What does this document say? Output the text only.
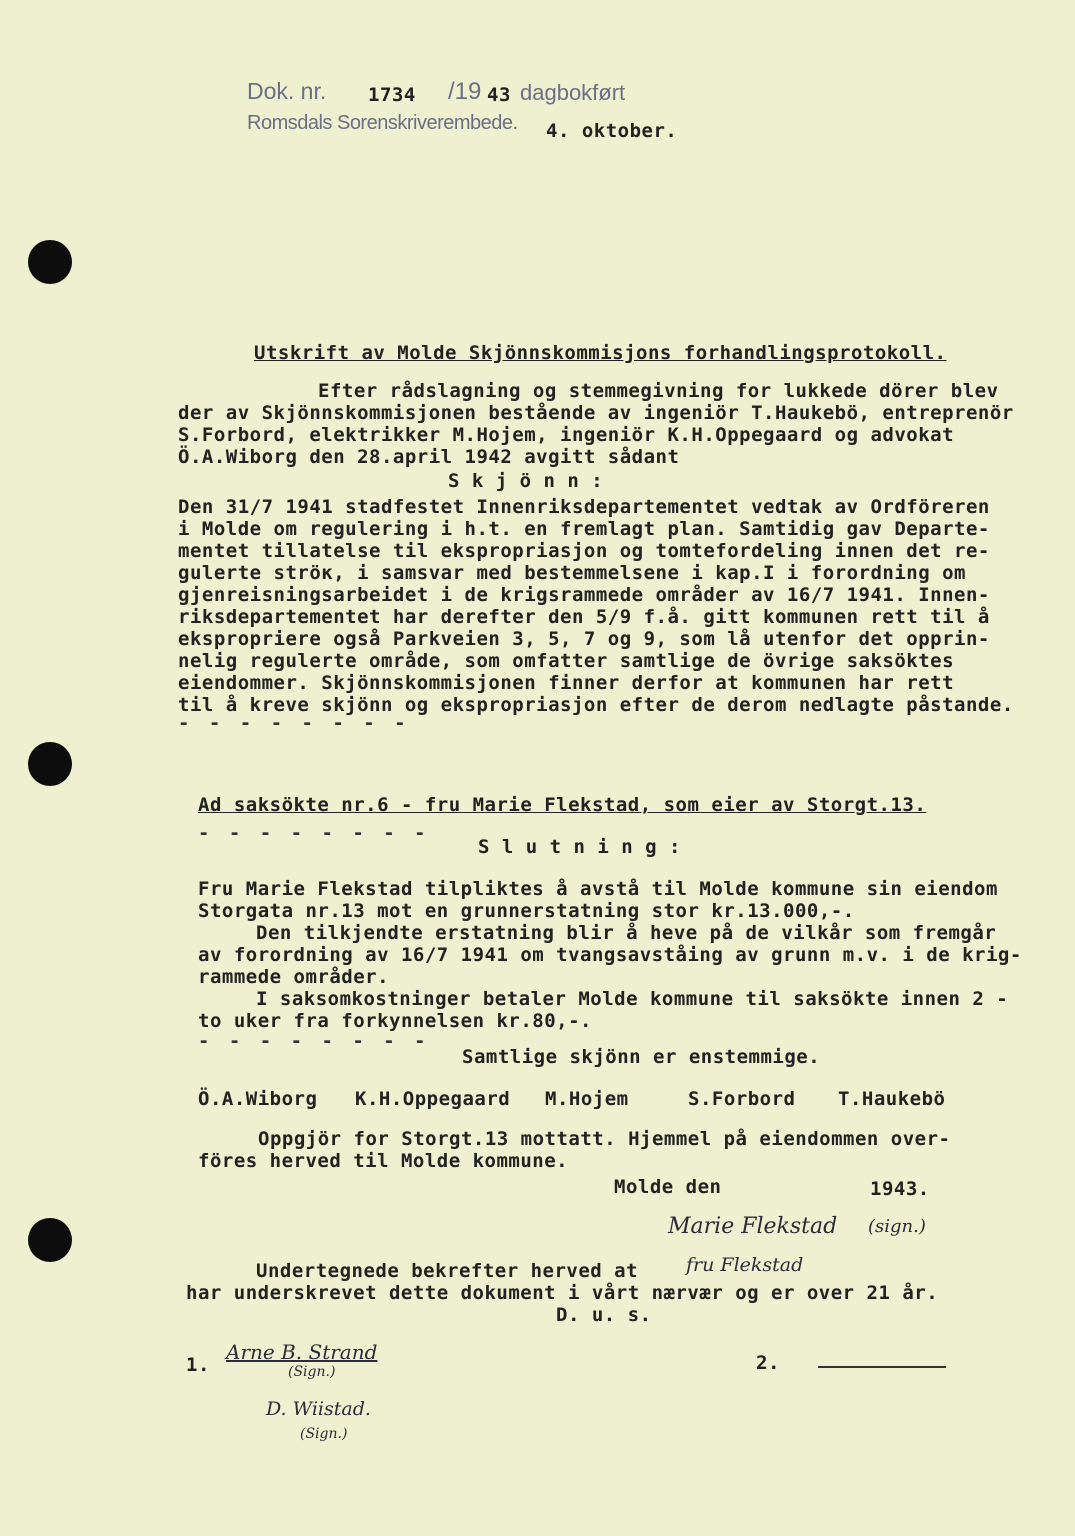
Dok. nr. 1734 /19 43 dagbokført
Romsdals Sorenskriverembede. 4. oktober.
Utskrift av Molde Skjönnskommisjons forhandlingsprotokoll.
Efter rådslagning og stemmegivning for lukkede dörer blev
der av Skjönnskommisjonen bestående av ingeniör T.Haukebö, entreprenör
S.Forbord, elektrikker M.Hojem, ingeniör K.H.Oppegaard og advokat
Ö.A.Wiborg den 28.april 1942 avgitt sådant
S k j ö n n :
Den 31/7 1941 stadfestet Innenriksdepartementet vedtak av Ordföreren
i Molde om regulering i h.t. en fremlagt plan. Samtidig gav Departe-
mentet tillatelse til ekspropriasjon og tomtefordeling innen det re-
gulerte ströк, i samsvar med bestemmelsene i kap.I i forordning om
gjenreisningsarbeidet i de krigsrammede områder av 16/7 1941. Innen-
riksdepartementet har derefter den 5/9 f.å. gitt kommunen rett til å
ekspropriere også Parkveien 3, 5, 7 og 9, som lå utenfor det opprin-
nelig regulerte område, som omfatter samtlige de övrige saksöktes
eiendommer. Skjönnskommisjonen finner derfor at kommunen har rett
til å kreve skjönn og ekspropriasjon efter de derom nedlagte påstande.
- - - - - - - -
Ad saksökte nr.6 - fru Marie Flekstad, som eier av Storgt.13.
- - - - - - - -
S l u t n i n g :
Fru Marie Flekstad tilpliktes å avstå til Molde kommune sin eiendom
Storgata nr.13 mot en grunnerstatning stor kr.13.000,-.
Den tilkjendte erstatning blir å heve på de vilkår som fremgår
av forordning av 16/7 1941 om tvangsavståing av grunn m.v. i de krig-
rammede områder.
I saksomkostninger betaler Molde kommune til saksökte innen 2 -
to uker fra forkynnelsen kr.80,-.
- - - - - - - -
Samtlige skjönn er enstemmige.
Ö.A.Wiborg K.H.Oppegaard M.Hojem	S.Forbord T.Haukebö
Oppgjör for Storgt.13 mottatt. Hjemmel på eiendommen over-
föres herved til Molde kommune.
Molde den	1943.
Marie Flekstad (sign.)
Undertegnede bekrefter herved at	fru Flekstad
har underskrevet dette dokument i vårt nærvær og er over 21 år.
D. u. s.
1.
Arne B. Strand
(Sign.)	2.
D. Wiistad.
(Sign.)
